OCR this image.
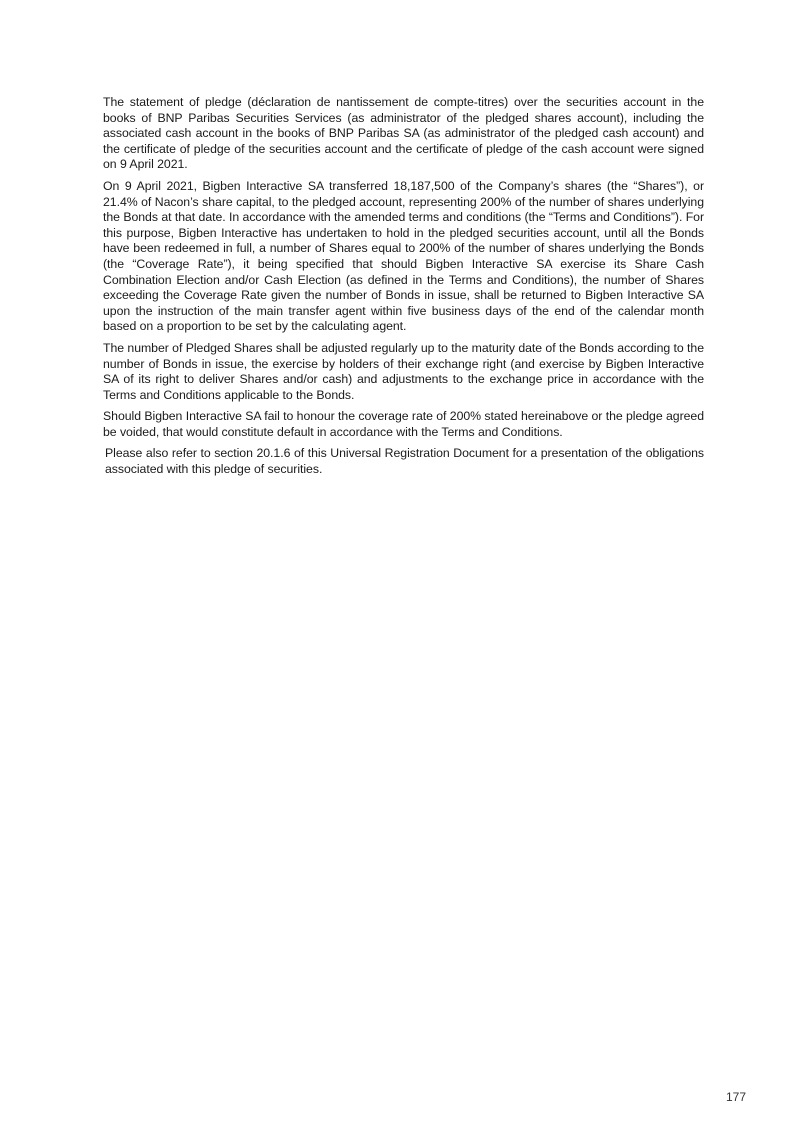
The statement of pledge (déclaration de nantissement de compte-titres) over the securities account in the books of BNP Paribas Securities Services (as administrator of the pledged shares account), including the associated cash account in the books of BNP Paribas SA (as administrator of the pledged cash account) and the certificate of pledge of the securities account and the certificate of pledge of the cash account were signed on 9 April 2021.

On 9 April 2021, Bigben Interactive SA transferred 18,187,500 of the Company’s shares (the “Shares”), or 21.4% of Nacon’s share capital, to the pledged account, representing 200% of the number of shares underlying the Bonds at that date. In accordance with the amended terms and conditions (the “Terms and Conditions”). For this purpose, Bigben Interactive has undertaken to hold in the pledged securities account, until all the Bonds have been redeemed in full, a number of Shares equal to 200% of the number of shares underlying the Bonds (the “Coverage Rate”), it being specified that should Bigben Interactive SA exercise its Share Cash Combination Election and/or Cash Election (as defined in the Terms and Conditions), the number of Shares exceeding the Coverage Rate given the number of Bonds in issue, shall be returned to Bigben Interactive SA upon the instruction of the main transfer agent within five business days of the end of the calendar month based on a proportion to be set by the calculating agent.

The number of Pledged Shares shall be adjusted regularly up to the maturity date of the Bonds according to the number of Bonds in issue, the exercise by holders of their exchange right (and exercise by Bigben Interactive SA of its right to deliver Shares and/or cash) and adjustments to the exchange price in accordance with the Terms and Conditions applicable to the Bonds.

Should Bigben Interactive SA fail to honour the coverage rate of 200% stated hereinabove or the pledge agreed be voided, that would constitute default in accordance with the Terms and Conditions.

Please also refer to section 20.1.6 of this Universal Registration Document for a presentation of the obligations associated with this pledge of securities.

177
